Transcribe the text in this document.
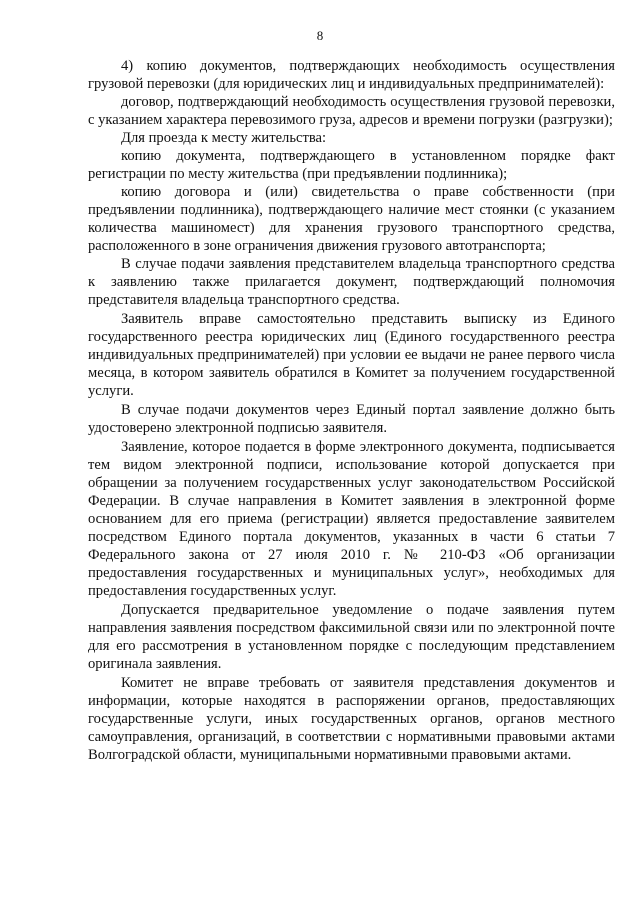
8

4) копию документов, подтверждающих необходимость осуществления грузовой перевозки (для юридических лиц и индивидуальных предпринимателей):

договор, подтверждающий необходимость осуществления грузовой перевозки, с указанием характера перевозимого груза, адресов и времени погрузки (разгрузки);

Для проезда к месту жительства:

копию документа, подтверждающего в установленном порядке факт регистрации по месту жительства (при предъявлении подлинника);

копию договора и (или) свидетельства о праве собственности (при предъявлении подлинника), подтверждающего наличие мест стоянки (с указанием количества машиномест) для хранения грузового транспортного средства, расположенного в зоне ограничения движения грузового автотранспорта;

В случае подачи заявления представителем владельца транспортного средства к заявлению также прилагается документ, подтверждающий полномочия представителя владельца транспортного средства.

Заявитель вправе самостоятельно представить выписку из Единого государственного реестра юридических лиц (Единого государственного реестра индивидуальных предпринимателей) при условии ее выдачи не ранее первого числа месяца, в котором заявитель обратился в Комитет за получением государственной услуги.

В случае подачи документов через Единый портал заявление должно быть удостоверено электронной подписью заявителя.

Заявление, которое подается в форме электронного документа, подписывается тем видом электронной подписи, использование которой допускается при обращении за получением государственных услуг законодательством Российской Федерации. В случае направления в Комитет заявления в электронной форме основанием для его приема (регистрации) является предоставление заявителем посредством Единого портала документов, указанных в части 6 статьи 7 Федерального закона от 27 июля 2010 г. № 210-ФЗ «Об организации предоставления государственных и муниципальных услуг», необходимых для предоставления государственных услуг.

Допускается предварительное уведомление о подаче заявления путем направления заявления посредством факсимильной связи или по электронной почте для его рассмотрения в установленном порядке с последующим представлением оригинала заявления.

Комитет не вправе требовать от заявителя представления документов и информации, которые находятся в распоряжении органов, предоставляющих государственные услуги, иных государственных органов, органов местного самоуправления, организаций, в соответствии с нормативными правовыми актами Волгоградской области, муниципальными нормативными правовыми актами.
